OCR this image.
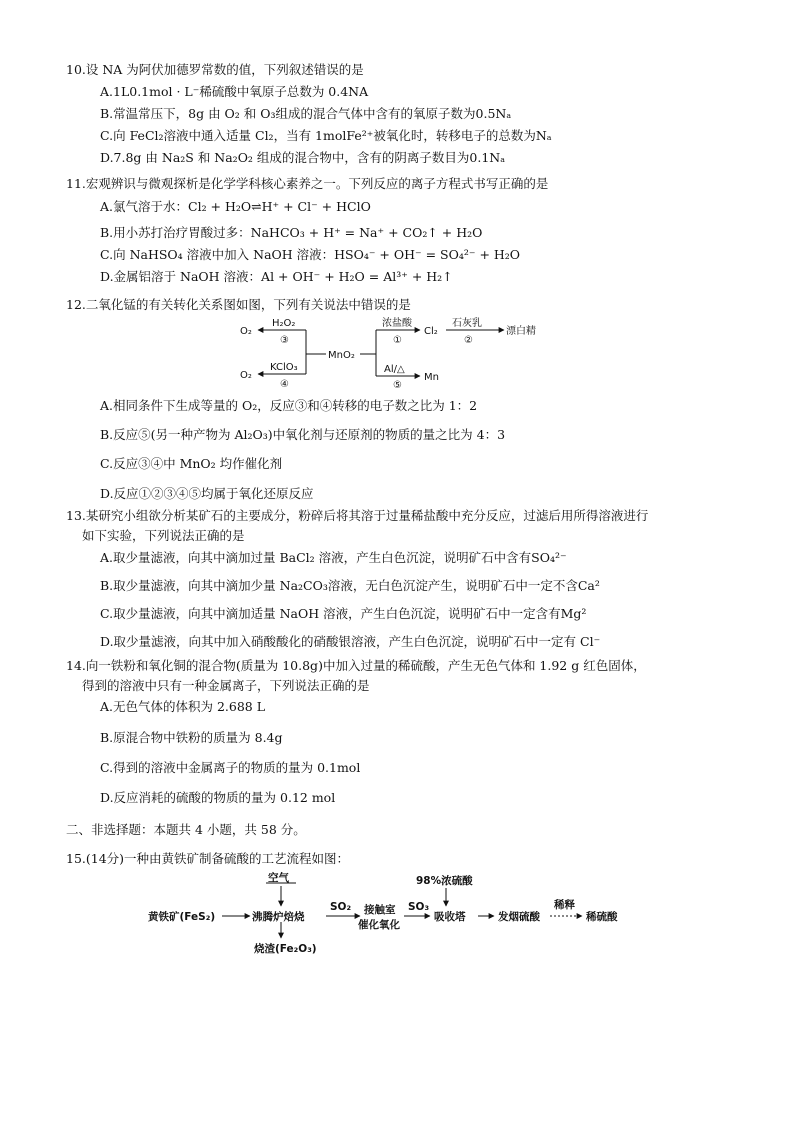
10.设 NA 为阿伏加德罗常数的值，下列叙述错误的是
A.1L0.1mol · L⁻稀硫酸中氧原子总数为 0.4NA
B.常温常压下，8g 由 O₂ 和 O₃组成的混合气体中含有的氧原子数为0.5Nₐ
C.向 FeCl₂溶液中通入适量 Cl₂，当有 1molFe²⁺被氧化时，转移电子的总数为Nₐ
D.7.8g 由 Na₂S 和 Na₂O₂ 组成的混合物中，含有的阴离子数目为0.1Nₐ
11.宏观辨识与微观探析是化学学科核心素养之一。下列反应的离子方程式书写正确的是
A.氯气溶于水：Cl₂ + H₂O⇌H⁺ + Cl⁻ + HClO
B.用小苏打治疗胃酸过多：NaHCO₃ + H⁺ = Na⁺ + CO₂↑ + H₂O
C.向 NaHSO₄ 溶液中加入 NaOH 溶液：HSO₄⁻ + OH⁻ = SO₄²⁻ + H₂O
D.金属铝溶于 NaOH 溶液：Al + OH⁻ + H₂O = Al³⁺ + H₂↑
12.二氧化锰的有关转化关系图如图，下列有关说法中错误的是
O₂
H₂O₂
③
O₂
KClO₃
④
MnO₂
浓盐酸
①
Cl₂
石灰乳
②
漂白精
Al/△
⑤
Mn
A.相同条件下生成等量的 O₂，反应③和④转移的电子数之比为 1：2
B.反应⑤(另一种产物为 Al₂O₃)中氧化剂与还原剂的物质的量之比为 4：3
C.反应③④中 MnO₂ 均作催化剂
D.反应①②③④⑤均属于氧化还原反应
13.某研究小组欲分析某矿石的主要成分，粉碎后将其溶于过量稀盐酸中充分反应，过滤后用所得溶液进行
如下实验，下列说法正确的是
A.取少量滤液，向其中滴加过量 BaCl₂ 溶液，产生白色沉淀，说明矿石中含有SO₄²⁻
B.取少量滤液，向其中滴加少量 Na₂CO₃溶液，无白色沉淀产生，说明矿石中一定不含Ca²
C.取少量滤液，向其中滴加适量 NaOH 溶液，产生白色沉淀，说明矿石中一定含有Mg²
D.取少量滤液，向其中加入硝酸酸化的硝酸银溶液，产生白色沉淀，说明矿石中一定有 Cl⁻
14.向一铁粉和氧化铜的混合物(质量为 10.8g)中加入过量的稀硫酸，产生无色气体和 1.92 g 红色固体，
得到的溶液中只有一种金属离子，下列说法正确的是
A.无色气体的体积为 2.688 L
B.原混合物中铁粉的质量为 8.4g
C.得到的溶液中金属离子的物质的量为 0.1mol
D.反应消耗的硫酸的物质的量为 0.12 mol
二、非选择题：本题共 4 小题，共 58 分。
15.(14分)一种由黄铁矿制备硫酸的工艺流程如图：
黄铁矿(FeS₂)
空气
沸腾炉焙烧
烧渣(Fe₂O₃)
SO₂ 接触室
催化氧化
SO₃
98%浓硫酸
吸收塔	发烟硫酸
稀释
稀硫酸
